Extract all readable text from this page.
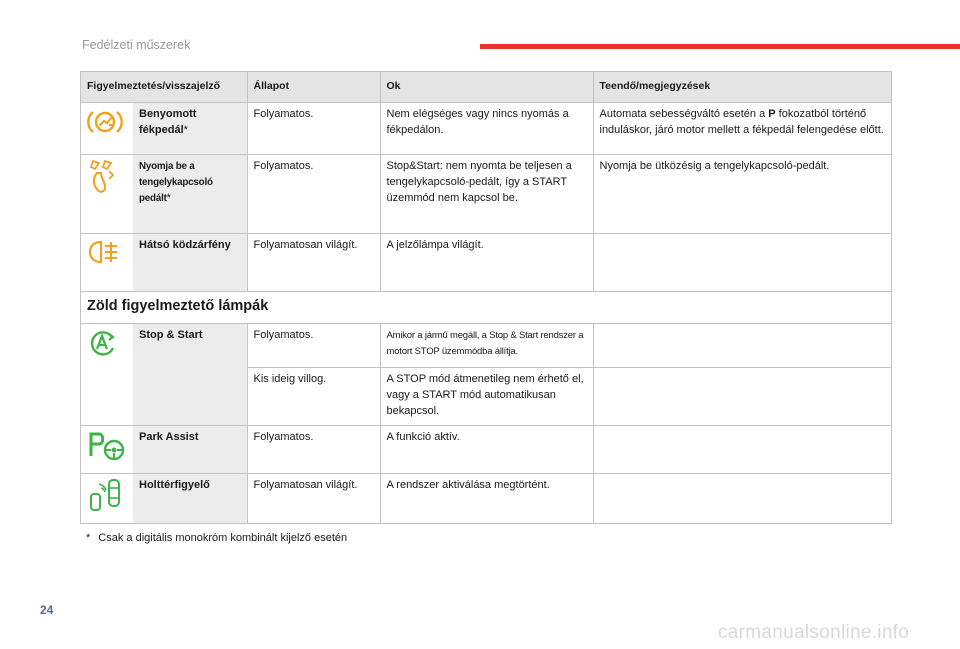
Fedélzeti műszerek
Figyelmeztetés/visszajelző		Állapot	Ok	Teendő/megjegyzések
	Benyomott fékpedál*	Folyamatos.	Nem elégséges vagy nincs nyomás a fékpedálon.	Automata sebességváltó esetén a P fokozatból történő induláskor, járó motor mellett a fékpedál felengedése előtt.
	Nyomja be a tengelykapcsoló pedált*	Folyamatos.	Stop&Start: nem nyomta be teljesen a tengelykapcsoló-pedált, így a START üzemmód nem kapcsol be.	Nyomja be ütközésig a tengelykapcsoló-pedált.
	Hátsó ködzárfény	Folyamatosan világít.	A jelzőlámpa világít.	
Zöld figyelmeztető lámpák				
	Stop & Start	Folyamatos.	Amikor a jármű megáll, a Stop & Start rendszer a motort STOP üzemmódba állítja.	
		Kis ideig villog.	A STOP mód átmenetileg nem érhető el, vagy a START mód automatikusan bekapcsol.	
	Park Assist	Folyamatos.	A funkció aktív.	
	Holttérfigyelő	Folyamatosan világít.	A rendszer aktiválása megtörtént.	
* Csak a digitális monokróm kombinált kijelző esetén
24
carmanualsonline.info
